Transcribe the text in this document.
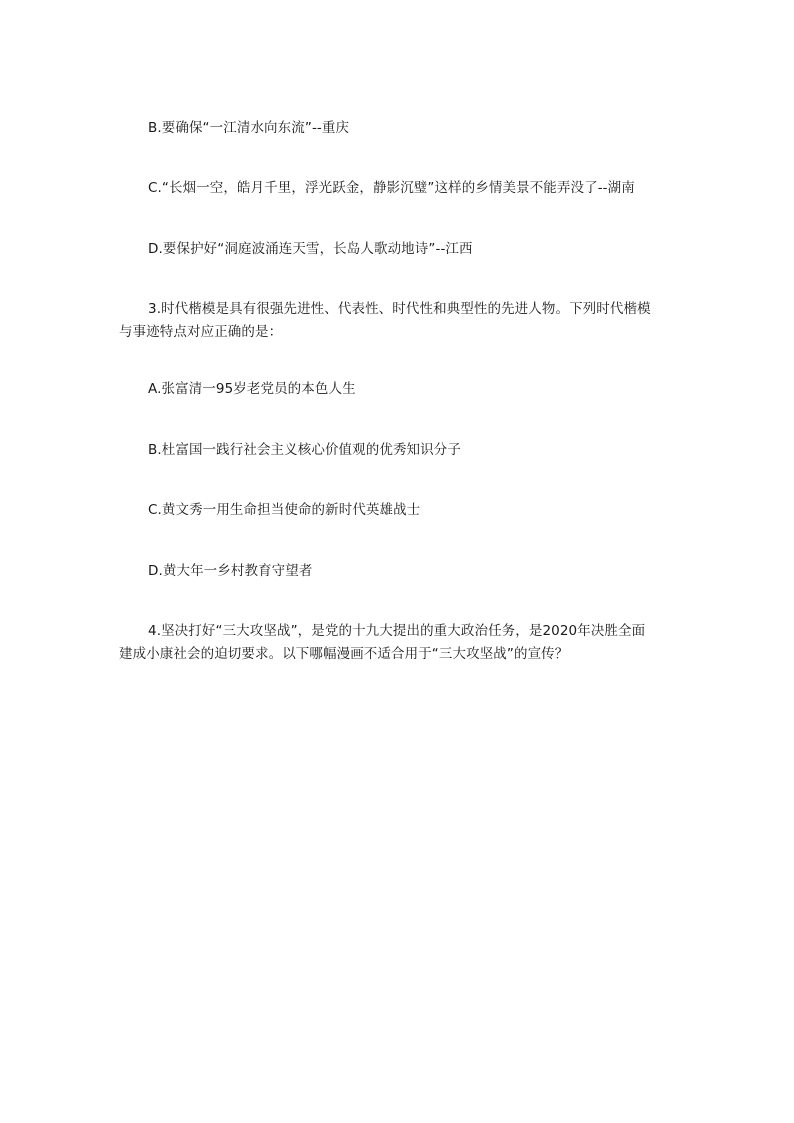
B.要确保“一江清水向东流”--重庆
C.“长烟一空，皓月千里，浮光跃金，静影沉璧”这样的乡情美景不能弄没了--湖南
D.要保护好“洞庭波涌连天雪，长岛人歌动地诗”--江西
3.时代楷模是具有很强先进性、代表性、时代性和典型性的先进人物。下列时代楷模
与事迹特点对应正确的是：
A.张富清一95岁老党员的本色人生
B.杜富国一践行社会主义核心价值观的优秀知识分子
C.黄文秀一用生命担当使命的新时代英雄战士
D.黄大年一乡村教育守望者
4.坚决打好“三大攻坚战”，是党的十九大提出的重大政治任务，是2020年决胜全面
建成小康社会的迫切要求。以下哪幅漫画不适合用于“三大攻坚战”的宣传？
